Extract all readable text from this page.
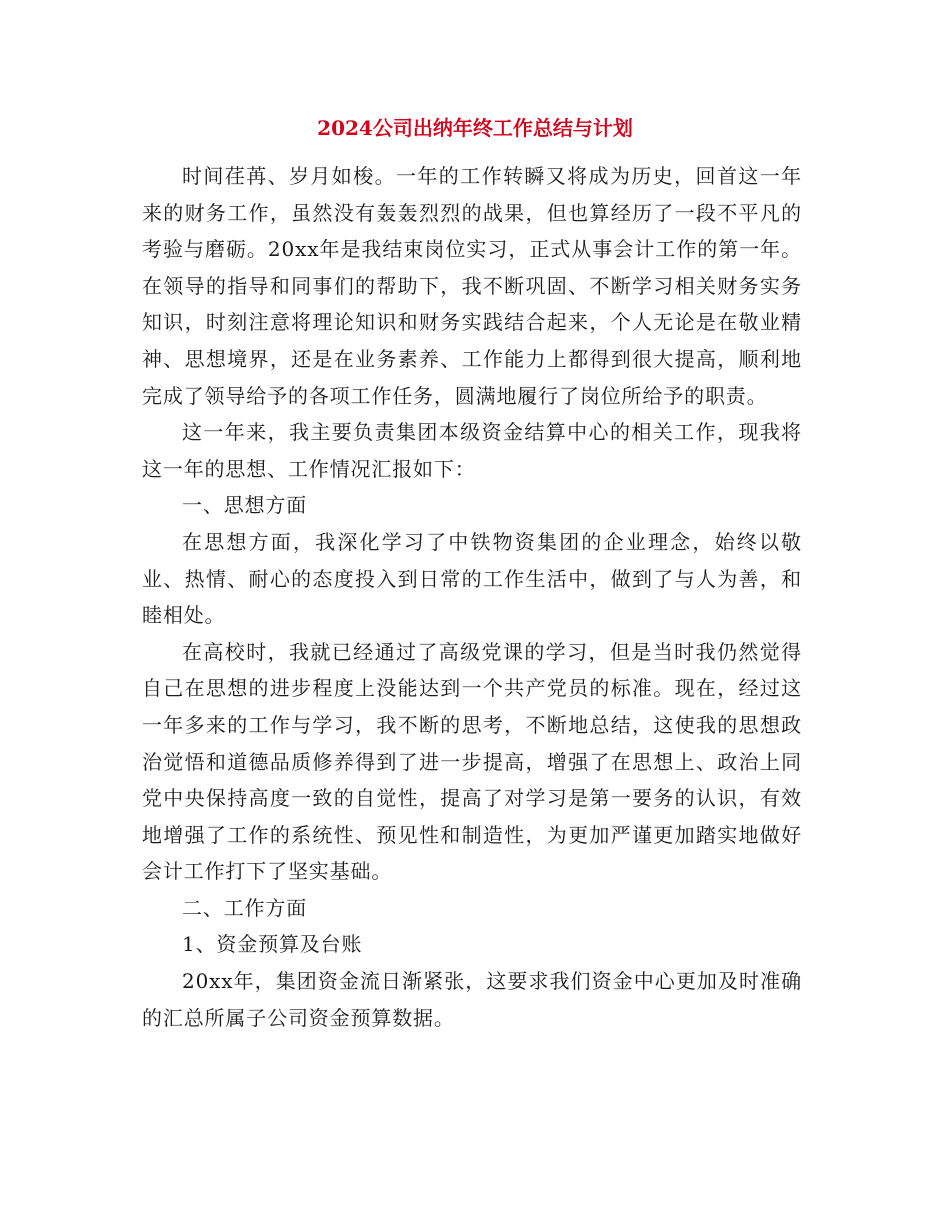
2024公司出纳年终工作总结与计划

时间荏苒、岁月如梭。一年的工作转瞬又将成为历史，回首这一年来的财务工作，虽然没有轰轰烈烈的战果，但也算经历了一段不平凡的考验与磨砺。20xx年是我结束岗位实习，正式从事会计工作的第一年。在领导的指导和同事们的帮助下，我不断巩固、不断学习相关财务实务知识，时刻注意将理论知识和财务实践结合起来，个人无论是在敬业精神、思想境界，还是在业务素养、工作能力上都得到很大提高，顺利地完成了领导给予的各项工作任务，圆满地履行了岗位所给予的职责。

这一年来，我主要负责集团本级资金结算中心的相关工作，现我将这一年的思想、工作情况汇报如下：

一、思想方面

在思想方面，我深化学习了中铁物资集团的企业理念，始终以敬业、热情、耐心的态度投入到日常的工作生活中，做到了与人为善，和睦相处。

在高校时，我就已经通过了高级党课的学习，但是当时我仍然觉得自己在思想的进步程度上没能达到一个共产党员的标准。现在，经过这一年多来的工作与学习，我不断的思考，不断地总结，这使我的思想政治觉悟和道德品质修养得到了进一步提高，增强了在思想上、政治上同党中央保持高度一致的自觉性，提高了对学习是第一要务的认识，有效地增强了工作的系统性、预见性和制造性，为更加严谨更加踏实地做好会计工作打下了坚实基础。

二、工作方面

1、资金预算及台账

20xx年，集团资金流日渐紧张，这要求我们资金中心更加及时准确的汇总所属子公司资金预算数据。
